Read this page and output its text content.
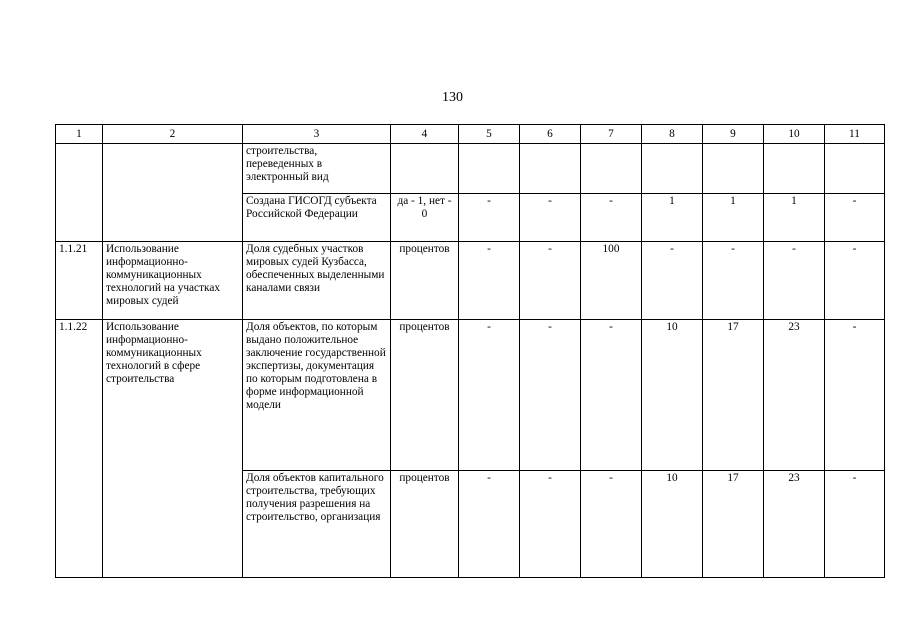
130
1	2	3	4	5	6	7	8	9	10	11
		строительства, переведенных в электронный вид								
		Создана ГИСОГД субъекта Российской Федерации	да - 1, нет - 0	-	-	-	1	1	1	-
1.1.21	Использование информационно-коммуникационных технологий на участках мировых судей	Доля судебных участков мировых судей Кузбасса, обеспеченных выделенными каналами связи	процентов	-	-	100	-	-	-	-
1.1.22	Использование информационно-коммуникационных технологий в сфере строительства	Доля объектов, по которым выдано положительное заключение государственной экспертизы, документация по которым подготовлена в форме информационной модели	процентов	-	-	-	10	17	23	-
		Доля объектов капитального строительства, требующих получения разрешения на строительство, организация	процентов	-	-	-	10	17	23	-
